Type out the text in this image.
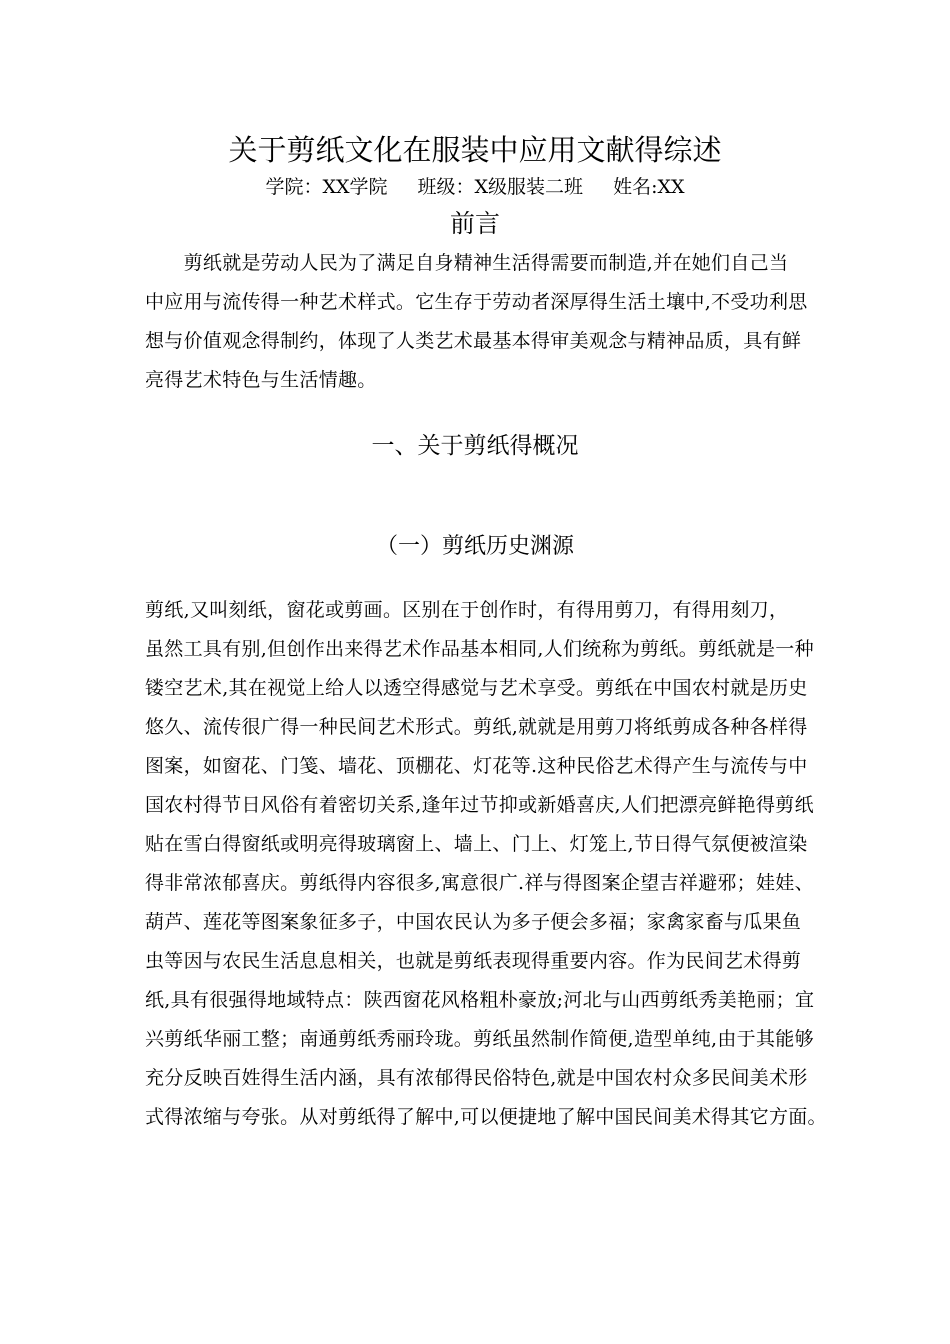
关于剪纸文化在服装中应用文献得综述
学院：XX学院 班级：X级服装二班 姓名:XX
前言
　　剪纸就是劳动人民为了满足自身精神生活得需要而制造,并在她们自己当
中应用与流传得一种艺术样式。它生存于劳动者深厚得生活土壤中,不受功利思
想与价值观念得制约，体现了人类艺术最基本得审美观念与精神品质，具有鲜
亮得艺术特色与生活情趣。
一、关于剪纸得概况
（一）剪纸历史渊源
剪纸,又叫刻纸，窗花或剪画。区别在于创作时，有得用剪刀，有得用刻刀，
虽然工具有别,但创作出来得艺术作品基本相同,人们统称为剪纸。剪纸就是一种
镂空艺术,其在视觉上给人以透空得感觉与艺术享受。剪纸在中国农村就是历史
悠久、流传很广得一种民间艺术形式。剪纸,就就是用剪刀将纸剪成各种各样得
图案，如窗花、门笺、墙花、顶棚花、灯花等.这种民俗艺术得产生与流传与中
国农村得节日风俗有着密切关系,逢年过节抑或新婚喜庆,人们把漂亮鲜艳得剪纸
贴在雪白得窗纸或明亮得玻璃窗上、墙上、门上、灯笼上,节日得气氛便被渲染
得非常浓郁喜庆。剪纸得内容很多,寓意很广.祥与得图案企望吉祥避邪；娃娃、
葫芦、莲花等图案象征多子，中国农民认为多子便会多福；家禽家畜与瓜果鱼
虫等因与农民生活息息相关，也就是剪纸表现得重要内容。作为民间艺术得剪
纸,具有很强得地域特点：陕西窗花风格粗朴豪放;河北与山西剪纸秀美艳丽；宜
兴剪纸华丽工整；南通剪纸秀丽玲珑。剪纸虽然制作简便,造型单纯,由于其能够
充分反映百姓得生活内涵，具有浓郁得民俗特色,就是中国农村众多民间美术形
式得浓缩与夸张。从对剪纸得了解中,可以便捷地了解中国民间美术得其它方面。
